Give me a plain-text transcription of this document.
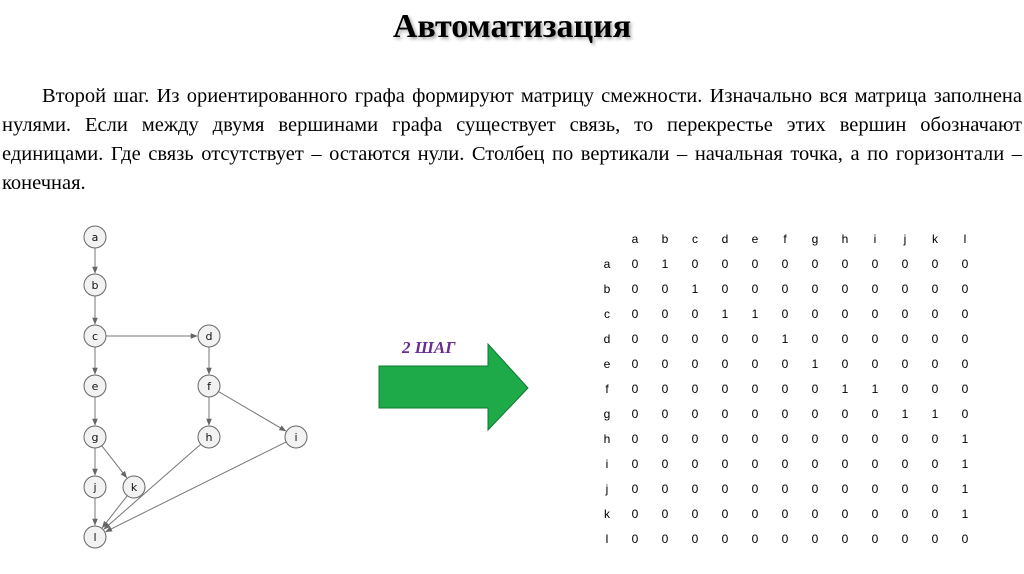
Автоматизация
Второй шаг. Из ориентированного графа формируют матрицу смежности. Изначально вся матрица заполнена нулями. Если между двумя вершинами графа существует связь, то перекрестье этих вершин обозначают единицами. Где связь отсутствует – остаются нули. Столбец по вертикали – начальная точка, а по горизонтали – конечная.
a
b
c	d
e	f
g	h	i
j	k
l
2 ШАГ
	a	b	c	d	e	f	g	h	i	j	k	l
a	0	1	0	0	0	0	0	0	0	0	0	0
b	0	0	1	0	0	0	0	0	0	0	0	0
c	0	0	0	1	1	0	0	0	0	0	0	0
d	0	0	0	0	0	1	0	0	0	0	0	0
e	0	0	0	0	0	0	1	0	0	0	0	0
f	0	0	0	0	0	0	0	1	1	0	0	0
g	0	0	0	0	0	0	0	0	0	1	1	0
h	0	0	0	0	0	0	0	0	0	0	0	1
i	0	0	0	0	0	0	0	0	0	0	0	1
j	0	0	0	0	0	0	0	0	0	0	0	1
k	0	0	0	0	0	0	0	0	0	0	0	1
l	0	0	0	0	0	0	0	0	0	0	0	0
